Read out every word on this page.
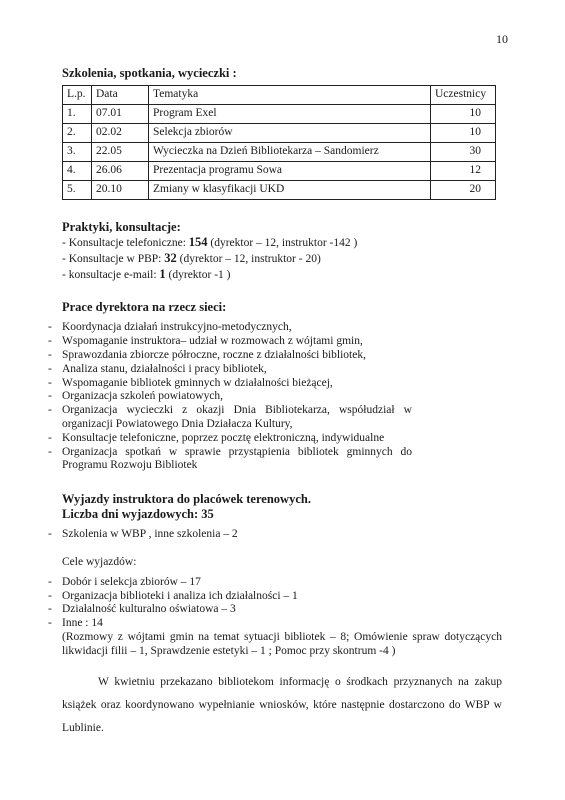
10
Szkolenia, spotkania, wycieczki :
L.p.	Data	Tematyka	Uczestnicy
1.	07.01	Program Exel	10
2.	02.02	Selekcja zbiorów	10
3.	22.05	Wycieczka na Dzień Bibliotekarza – Sandomierz	30
4.	26.06	Prezentacja programu Sowa	12
5.	20.10	Zmiany w klasyfikacji UKD	20
Praktyki, konsultacje:

- Konsultacje telefoniczne: 154 (dyrektor – 12, instruktor -142 )

- Konsultacje w PBP: 32 (dyrektor – 12, instruktor - 20)

- konsultacje e-mail: 1 (dyrektor -1 )

Prace dyrektora na rzecz sieci:
- Koordynacja działań instrukcyjno-metodycznych,
- Wspomaganie instruktora– udział w rozmowach z wójtami gmin,
- Sprawozdania zbiorcze półroczne, roczne z działalności bibliotek,
- Analiza stanu, działalności i pracy bibliotek,
- Wspomaganie bibliotek gminnych w działalności bieżącej,
- Organizacja szkoleń powiatowych,
- Organizacja wycieczki z okazji Dnia Bibliotekarza, współudział w organizacji Powiatowego Dnia Działacza Kultury,
- Konsultacje telefoniczne, poprzez pocztę elektroniczną, indywidualne
- Organizacja spotkań w sprawie przystąpienia bibliotek gminnych do Programu Rozwoju Bibliotek
Wyjazdy instruktora do placówek terenowych.
Liczba dni wyjazdowych: 35
- Szkolenia w WBP , inne szkolenia – 2

Cele wyjazdów:

- Dobór i selekcja zbiorów – 17
- Organizacja biblioteki i analiza ich działalności – 1
- Działalność kulturalno oświatowa – 3
- Inne : 14

(Rozmowy z wójtami gmin na temat sytuacji bibliotek – 8; Omówienie spraw dotyczących likwidacji filii – 1, Sprawdzenie estetyki – 1 ; Pomoc przy skontrum -4 )

W kwietniu przekazano bibliotekom informację o środkach przyznanych na zakup książek oraz koordynowano wypełnianie wniosków, które następnie dostarczono do WBP w Lublinie.
